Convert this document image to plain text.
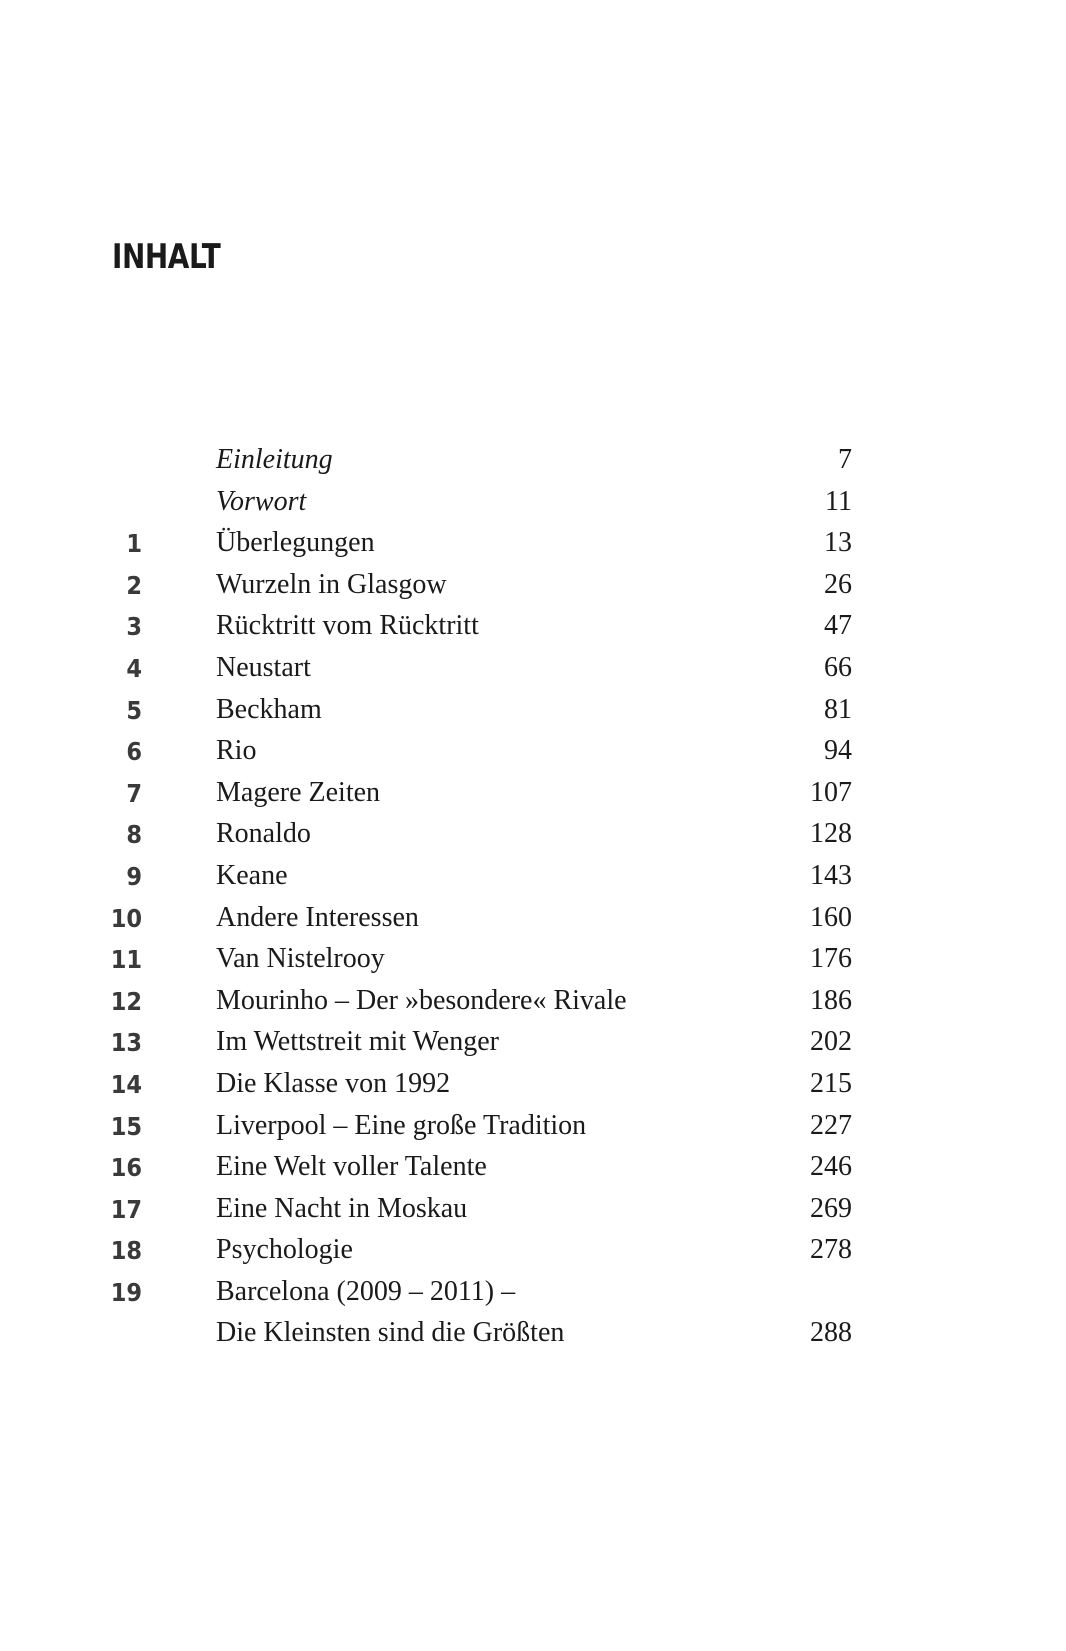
INHALT
Einleitung	7
Vorwort	11
1	Überlegungen	13
2	Wurzeln in Glasgow	26
3	Rücktritt vom Rücktritt	47
4	Neustart	66
5	Beckham	81
6	Rio	94
7	Magere Zeiten	107
8	Ronaldo	128
9	Keane	143
10	Andere Interessen	160
11	Van Nistelrooy	176
12	Mourinho – Der »besondere« Rivale	186
13	Im Wettstreit mit Wenger	202
14	Die Klasse von 1992	215
15	Liverpool – Eine große Tradition	227
16	Eine Welt voller Talente	246
17	Eine Nacht in Moskau	269
18	Psychologie	278
19	Barcelona (2009 – 2011) –
Die Kleinsten sind die Größten	288
